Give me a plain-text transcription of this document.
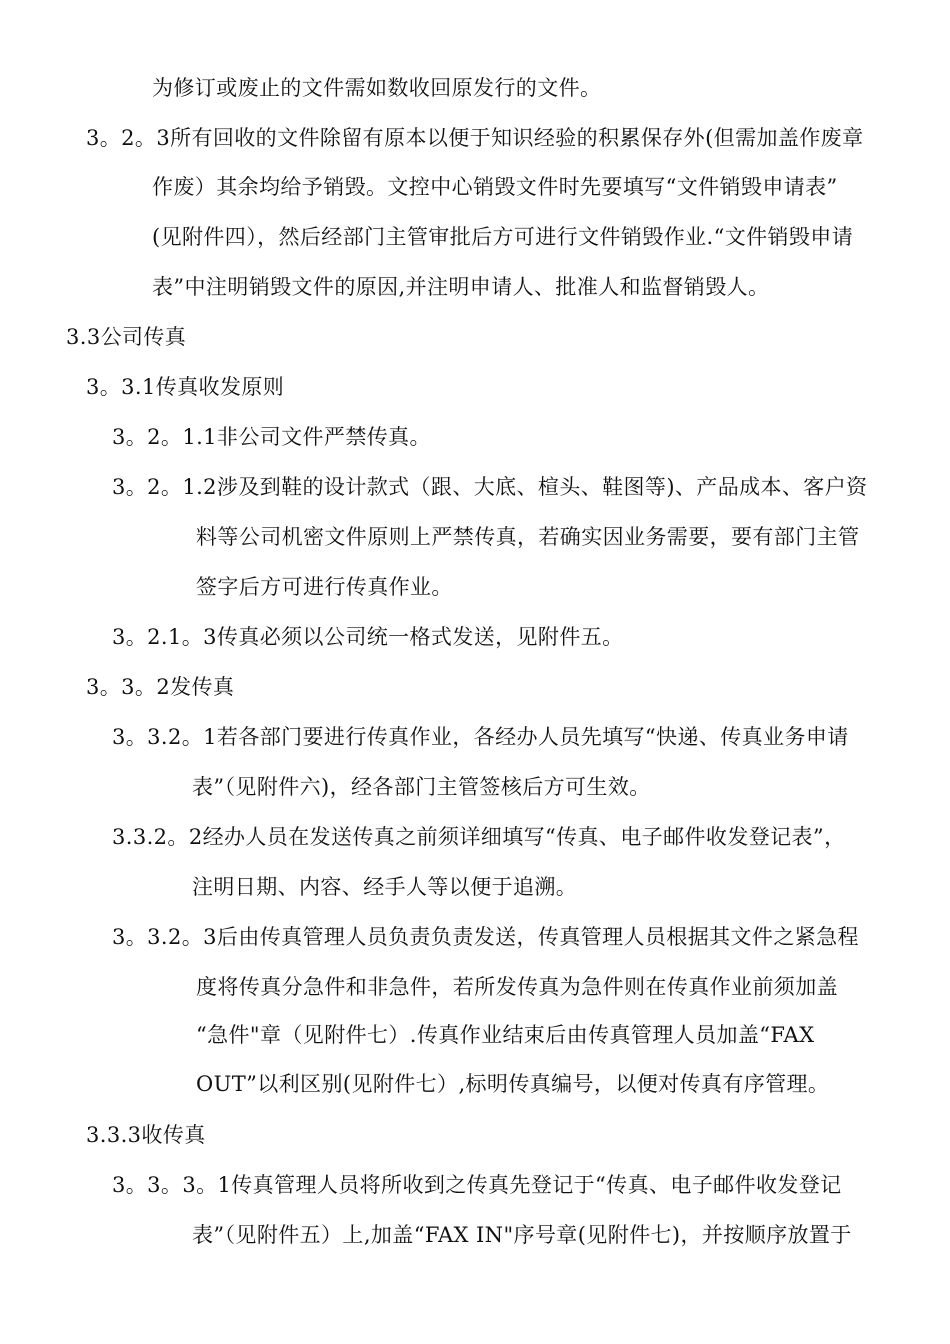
为修订或废止的文件需如数收回原发行的文件。
3。2。3所有回收的文件除留有原本以便于知识经验的积累保存外(但需加盖作废章
作废）其余均给予销毁。文控中心销毁文件时先要填写“文件销毁申请表”
(见附件四），然后经部门主管审批后方可进行文件销毁作业.“文件销毁申请
表”中注明销毁文件的原因,并注明申请人、批准人和监督销毁人。
3.3公司传真
3。3.1传真收发原则
3。2。1.1非公司文件严禁传真。
3。2。1.2涉及到鞋的设计款式（跟、大底、楦头、鞋图等)、产品成本、客户资
料等公司机密文件原则上严禁传真，若确实因业务需要，要有部门主管
签字后方可进行传真作业。
3。2.1。3传真必须以公司统一格式发送，见附件五。
3。3。2发传真
3。3.2。1若各部门要进行传真作业，各经办人员先填写“快递、传真业务申请
表”（见附件六)，经各部门主管签核后方可生效。
3.3.2。2经办人员在发送传真之前须详细填写“传真、电子邮件收发登记表”，
注明日期、内容、经手人等以便于追溯。
3。3.2。3后由传真管理人员负责负责发送，传真管理人员根据其文件之紧急程
度将传真分急件和非急件，若所发传真为急件则在传真作业前须加盖
“急件"章（见附件七）.传真作业结束后由传真管理人员加盖“FAX
OUT”以利区别(见附件七）,标明传真编号，以便对传真有序管理。
3.3.3收传真
3。3。3。1传真管理人员将所收到之传真先登记于“传真、电子邮件收发登记
表”（见附件五）上,加盖“FAX IN"序号章(见附件七)，并按顺序放置于
